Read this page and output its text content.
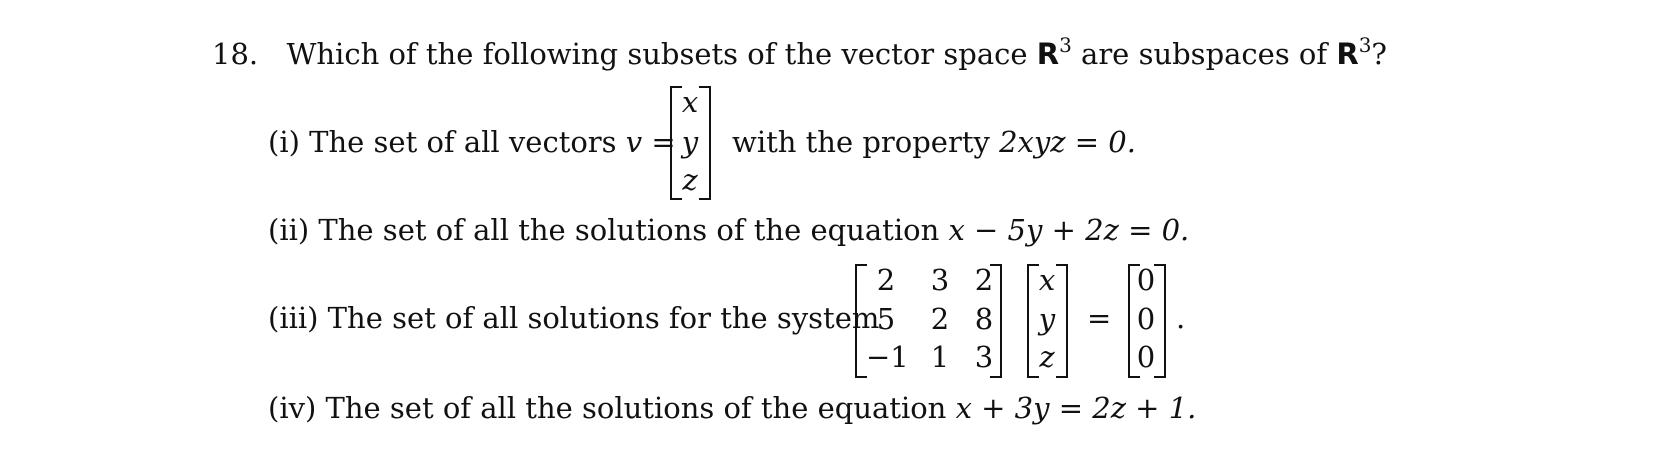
18. Which of the following subsets of the vector space $R^3$ are subspaces of $R^3$?
(i) The set of all vectors v =
x
y
z
with the property 2xyz = 0.
(ii) The set of all the solutions of the equation x − 5y + 2z = 0.
(iii) The set of all solutions for the system
2	3 2
5	2 8
−1 1 3
x
y
z
=
0
0
0
.
(iv) The set of all the solutions of the equation x + 3y = 2z + 1.
